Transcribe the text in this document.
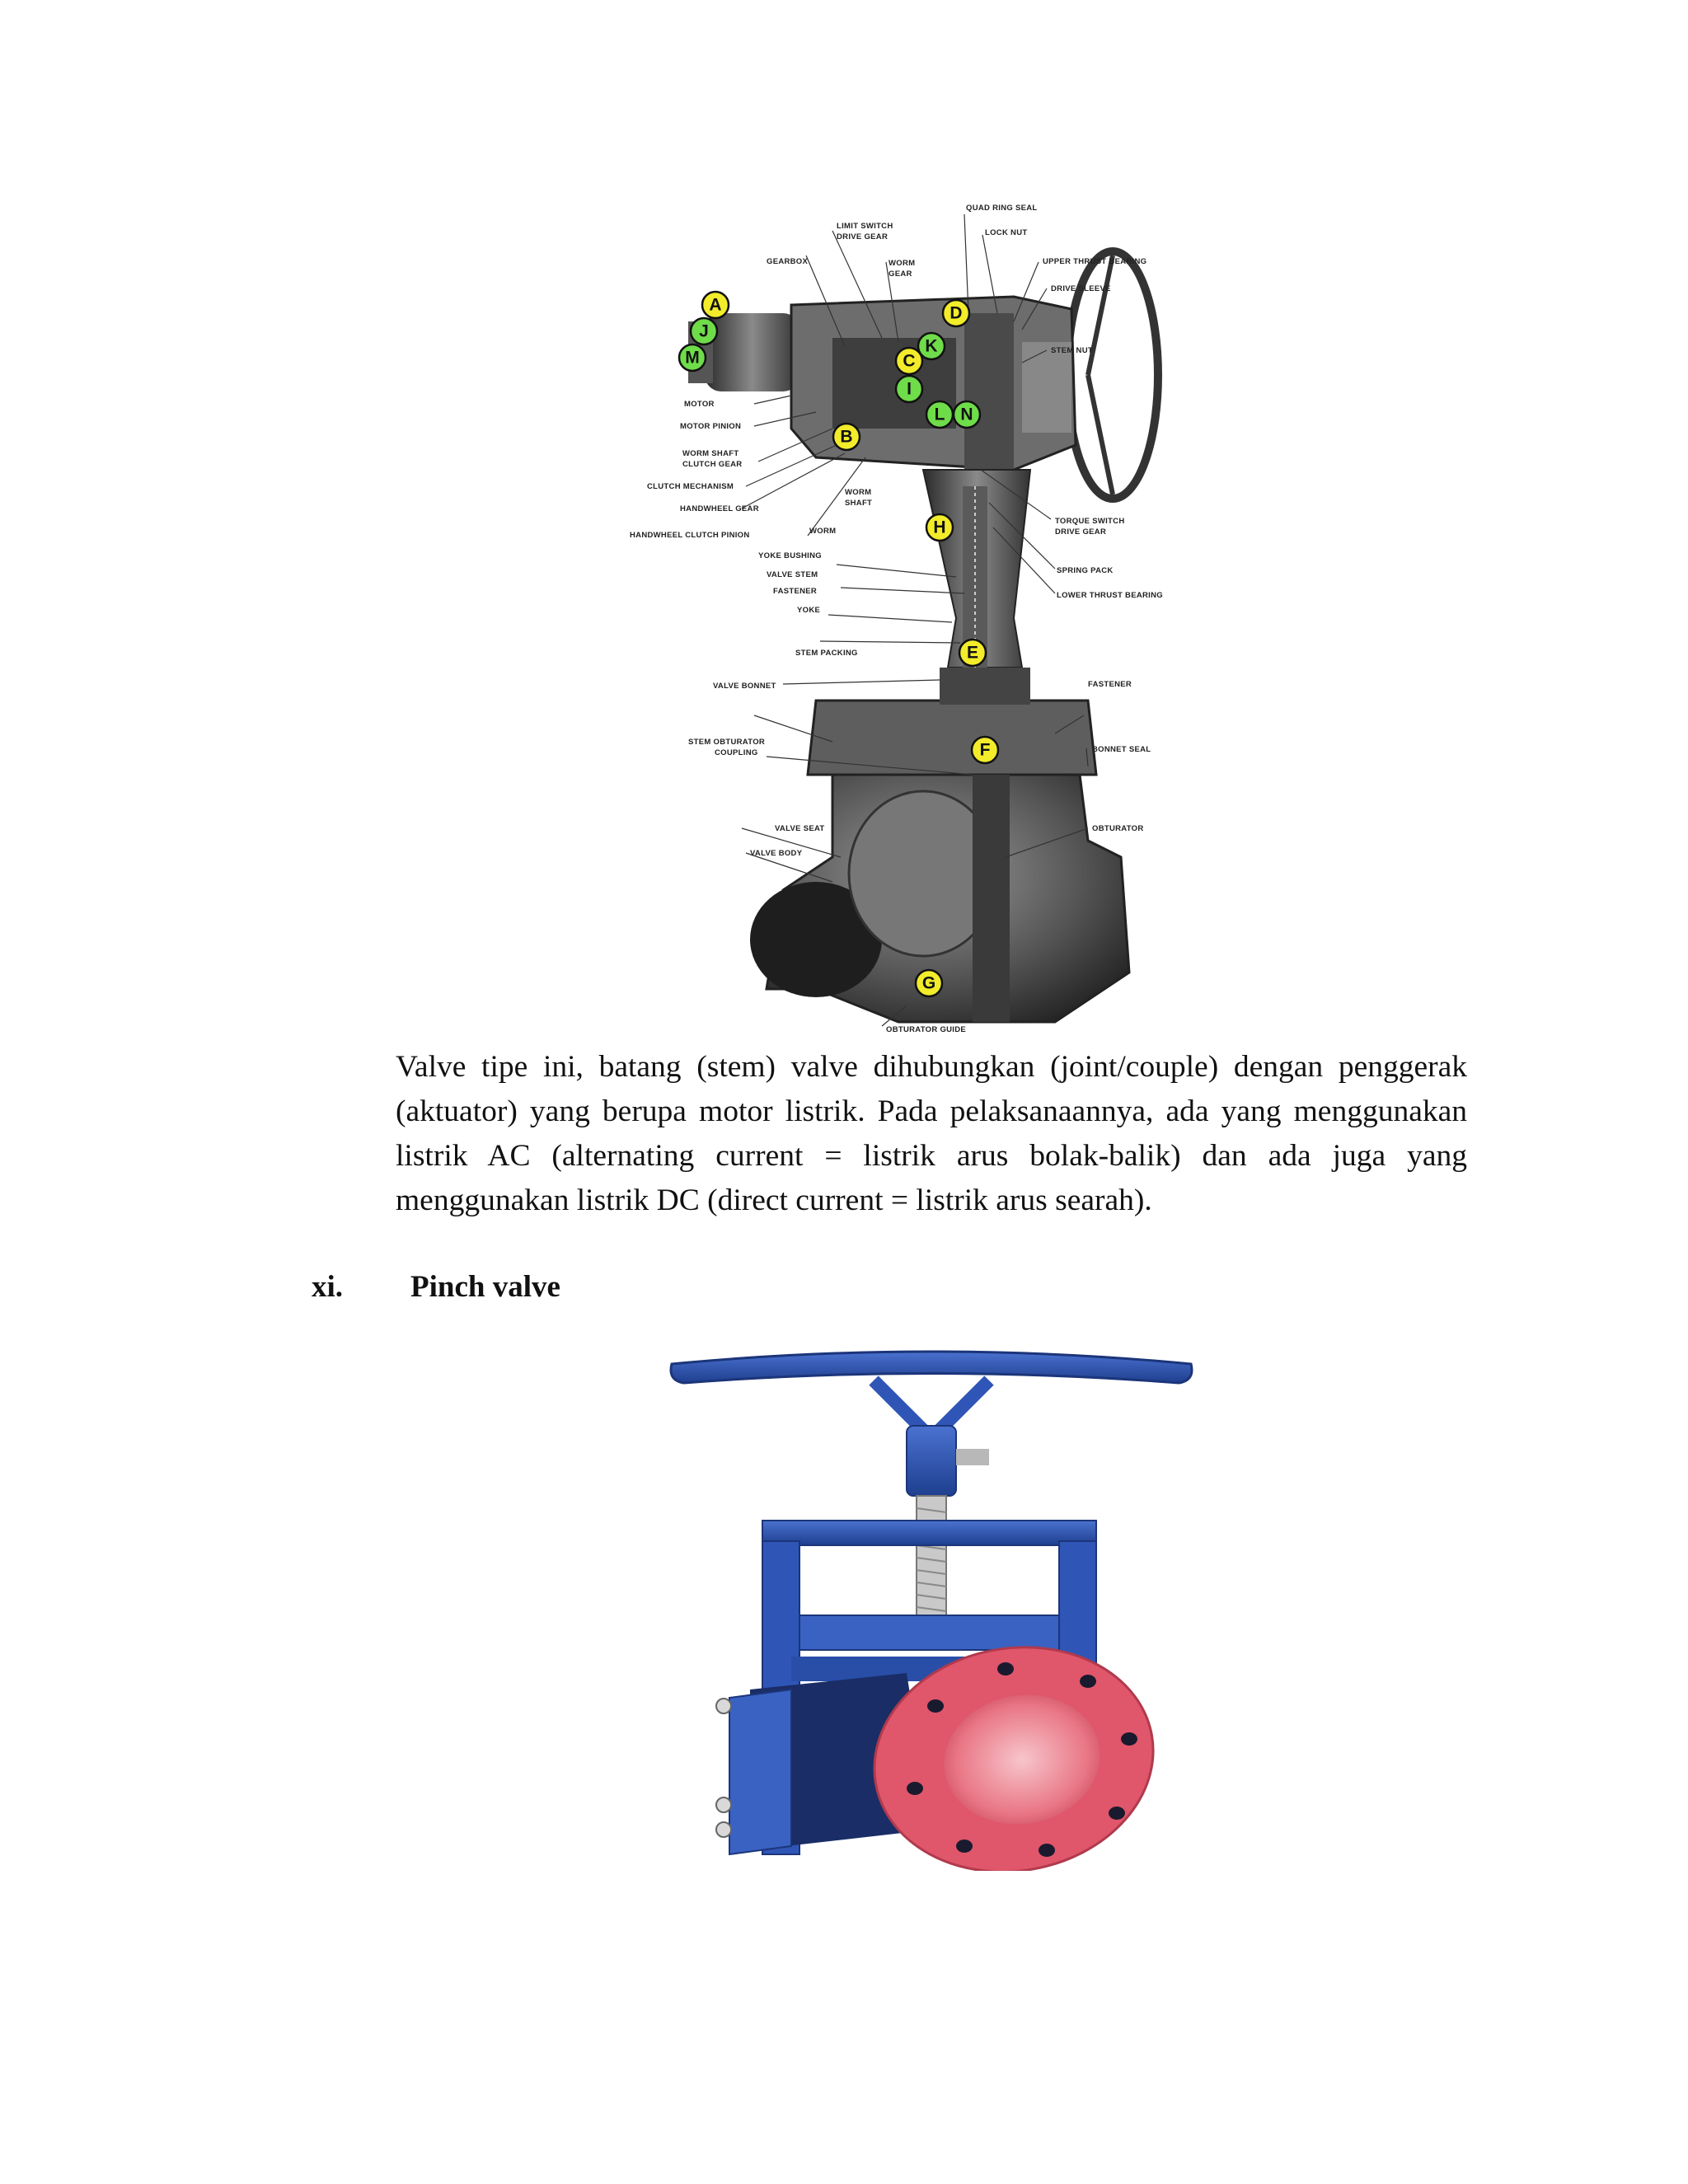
QUAD RING SEAL
LIMIT SWITCH
DRIVE GEAR	LOCK NUT
GEARBOX	WORM
GEAR
UPPER THRUST BEARING
DRIVE SLEEVE
STEM NUT
MOTOR
MOTOR PINION
WORM SHAFT
CLUTCH GEAR
CLUTCH MECHANISM
WORM
SHAFT
HANDWHEEL GEAR
HANDWHEEL CLUTCH PINION	WORM
TORQUE SWITCH
DRIVE GEAR
YOKE BUSHING
VALVE STEM	SPRING PACK
FASTENER	LOWER THRUST BEARING
YOKE
STEM PACKING
VALVE BONNET	FASTENER
STEM OBTURATOR
COUPLING	BONNET SEAL
VALVE SEAT	OBTURATOR
VALVE BODY
OBTURATOR GUIDE
A
J
M
D
K
C
I
L N
B
H
E
F
G

Valve tipe ini, batang (stem) valve dihubungkan (joint/couple) dengan penggerak (aktuator) yang berupa motor listrik. Pada pelaksanaannya, ada yang menggunakan listrik AC (alternating current = listrik arus bolak-balik) dan ada juga yang menggunakan listrik DC (direct current = listrik arus searah).

xi. Pinch valve
